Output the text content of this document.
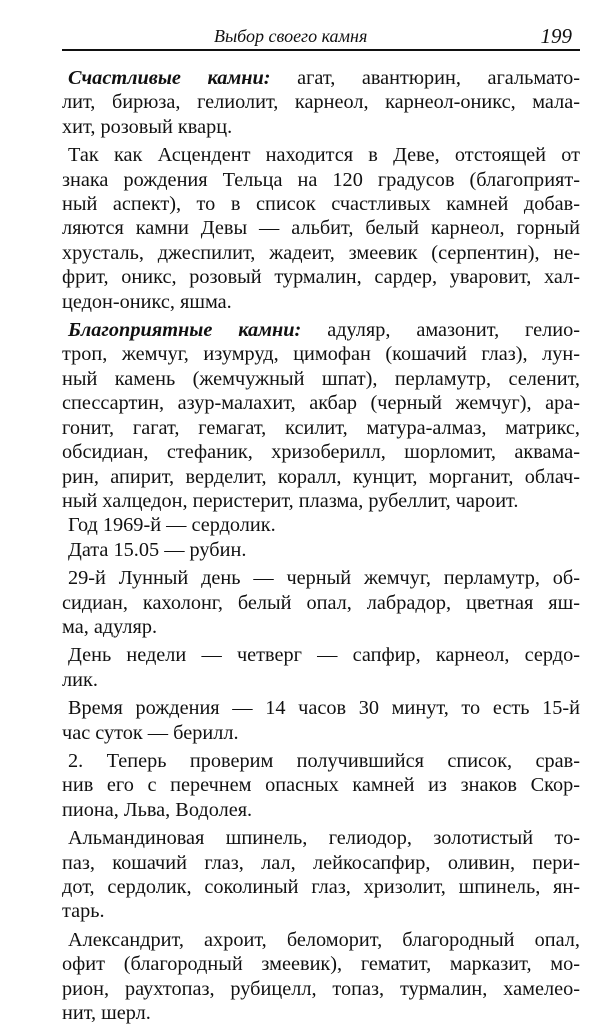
Выбор своего камня	199
Счастливые камни: агат, авантюрин, агальмато-
лит, бирюза, гелиолит, карнеол, карнеол-оникс, мала-
хит, розовый кварц.
Так как Асцендент находится в Деве, отстоящей от
знака рождения Тельца на 120 градусов (благоприят-
ный аспект), то в список счастливых камней добав-
ляются камни Девы — альбит, белый карнеол, горный
хрусталь, джеспилит, жадеит, змеевик (серпентин), не-
фрит, оникс, розовый турмалин, сардер, уваровит, хал-
цедон-оникс, яшма.
Благоприятные камни: адуляр, амазонит, гелио-
троп, жемчуг, изумруд, цимофан (кошачий глаз), лун-
ный камень (жемчужный шпат), перламутр, селенит,
спессартин, азур-малахит, акбар (черный жемчуг), ара-
гонит, гагат, гемагат, ксилит, матура-алмаз, матрикс,
обсидиан, стефаник, хризоберилл, шорломит, аквама-
рин, апирит, верделит, коралл, кунцит, морганит, облач-
ный халцедон, перистерит, плазма, рубеллит, чароит.
Год 1969-й — сердолик.
Дата 15.05 — рубин.
29-й Лунный день — черный жемчуг, перламутр, об-
сидиан, кахолонг, белый опал, лабрадор, цветная яш-
ма, адуляр.
День недели — четверг — сапфир, карнеол, сердо-
лик.
Время рождения — 14 часов 30 минут, то есть 15-й
час суток — берилл.
2. Теперь проверим получившийся список, срав-
нив его с перечнем опасных камней из знаков Скор-
пиона, Льва, Водолея.
Альмандиновая шпинель, гелиодор, золотистый то-
паз, кошачий глаз, лал, лейкосапфир, оливин, пери-
дот, сердолик, соколиный глаз, хризолит, шпинель, ян-
тарь.
Александрит, ахроит, беломорит, благородный опал,
офит (благородный змеевик), гематит, марказит, мо-
рион, раухтопаз, рубицелл, топаз, турмалин, хамелео-
нит, шерл.
